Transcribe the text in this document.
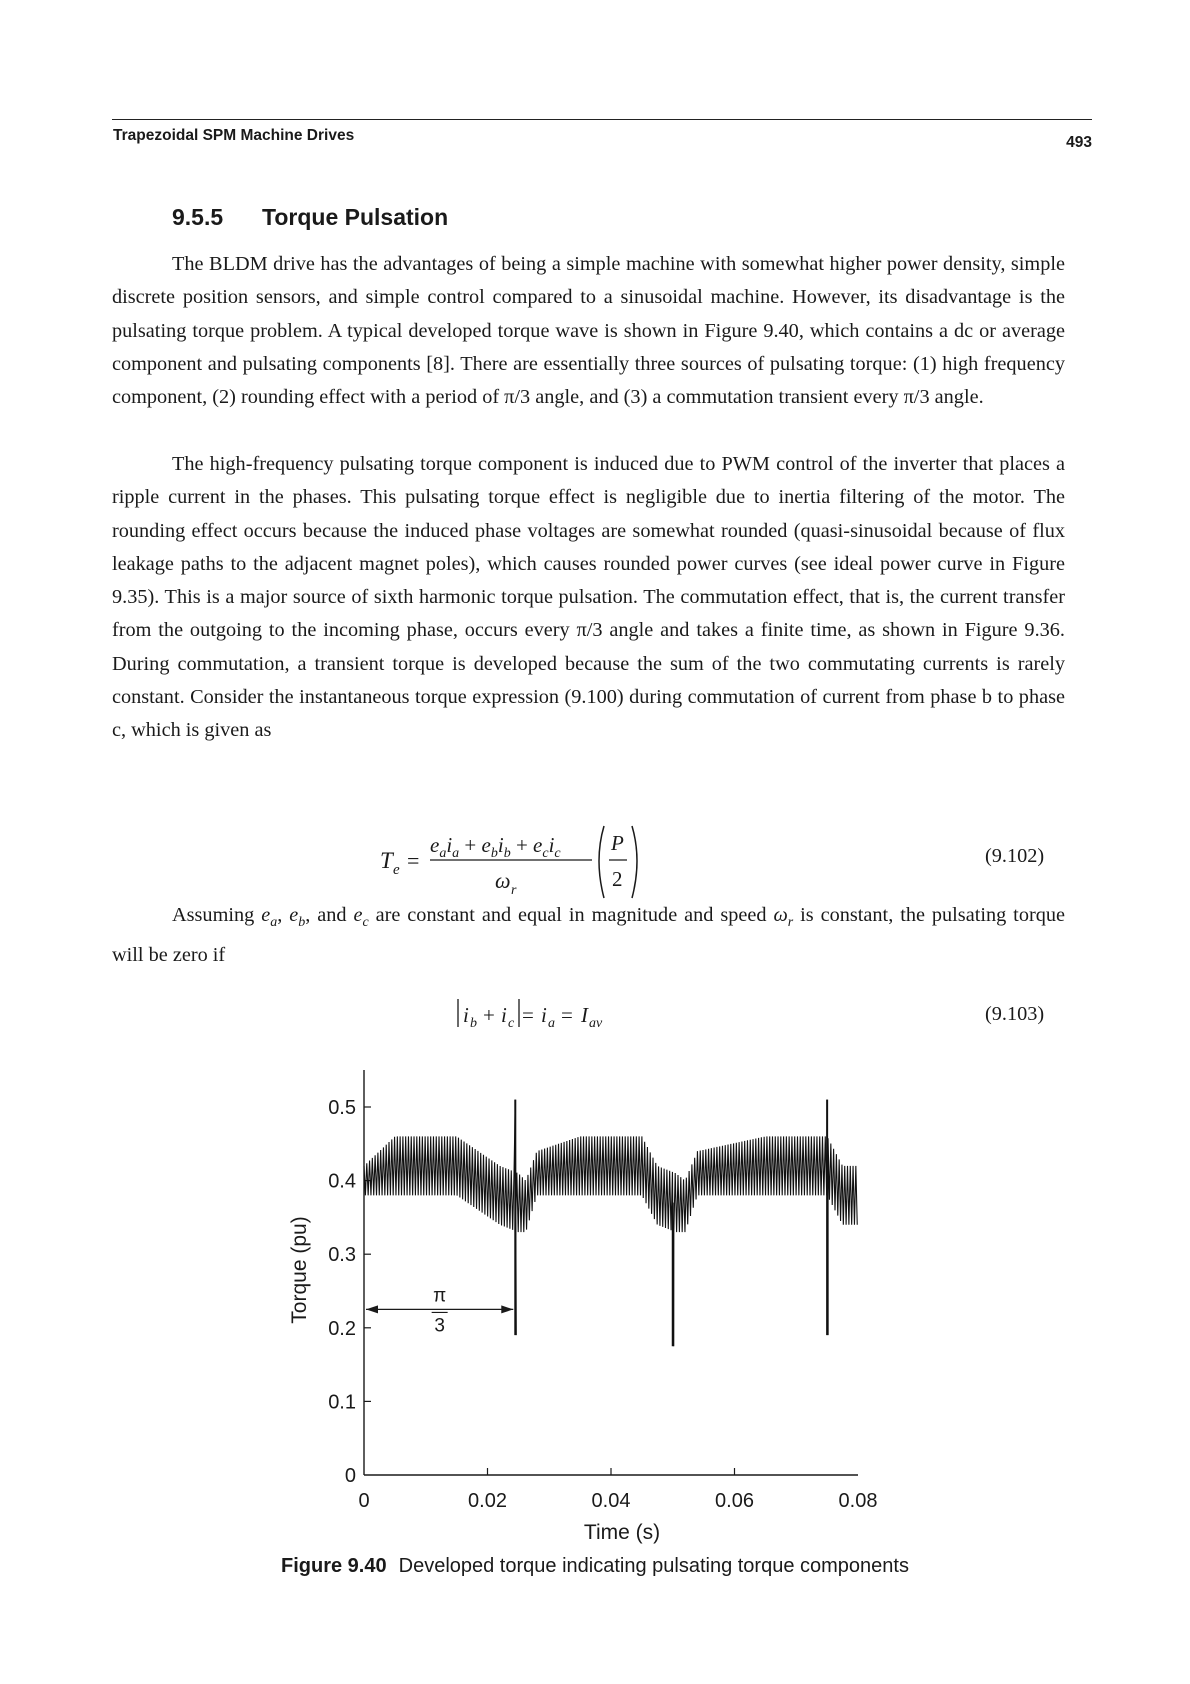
Trapezoidal SPM Machine Drives	493
9.5.5 Torque Pulsation

The BLDM drive has the advantages of being a simple machine with somewhat higher power density, simple discrete position sensors, and simple control compared to a sinusoidal machine. However, its disadvantage is the pulsating torque problem. A typical developed torque wave is shown in Figure 9.40, which contains a dc or average component and pulsating components [8]. There are essentially three sources of pulsating torque: (1) high frequency component, (2) rounding effect with a period of π/3 angle, and (3) a commutation transient every π/3 angle.

The high-frequency pulsating torque component is induced due to PWM control of the inverter that places a ripple current in the phases. This pulsating torque effect is negligible due to inertia filtering of the motor. The rounding effect occurs because the induced phase voltages are somewhat rounded (quasi-sinusoidal because of flux leakage paths to the adjacent magnet poles), which causes rounded power curves (see ideal power curve in Figure 9.35). This is a major source of sixth harmonic torque pulsation. The commutation effect, that is, the current transfer from the outgoing to the incoming phase, occurs every π/3 angle and takes a finite time, as shown in Figure 9.36. During commutation, a transient torque is developed because the sum of the two commutating currents is rarely constant. Consider the instantaneous torque expression (9.100) during commutation of current from phase b to phase c, which is given as

T e =
$e_ai_a + e_bi_b + e_ci_c$
ω r
P
2
(9.102)

Assuming $e_a$, $e_b$, and $e_c$ are constant and equal in magnitude and speed $\omega_r$ is constant, the pulsating torque will be zero if

i b + i c = i a = I av	(9.103)
0
0.1
0.2
0.3
0.4
0.5
0	0.02	0.04	0.06	0.08
π
3
Time (s)
Torque (pu)
Figure 9.40 Developed torque indicating pulsating torque components
